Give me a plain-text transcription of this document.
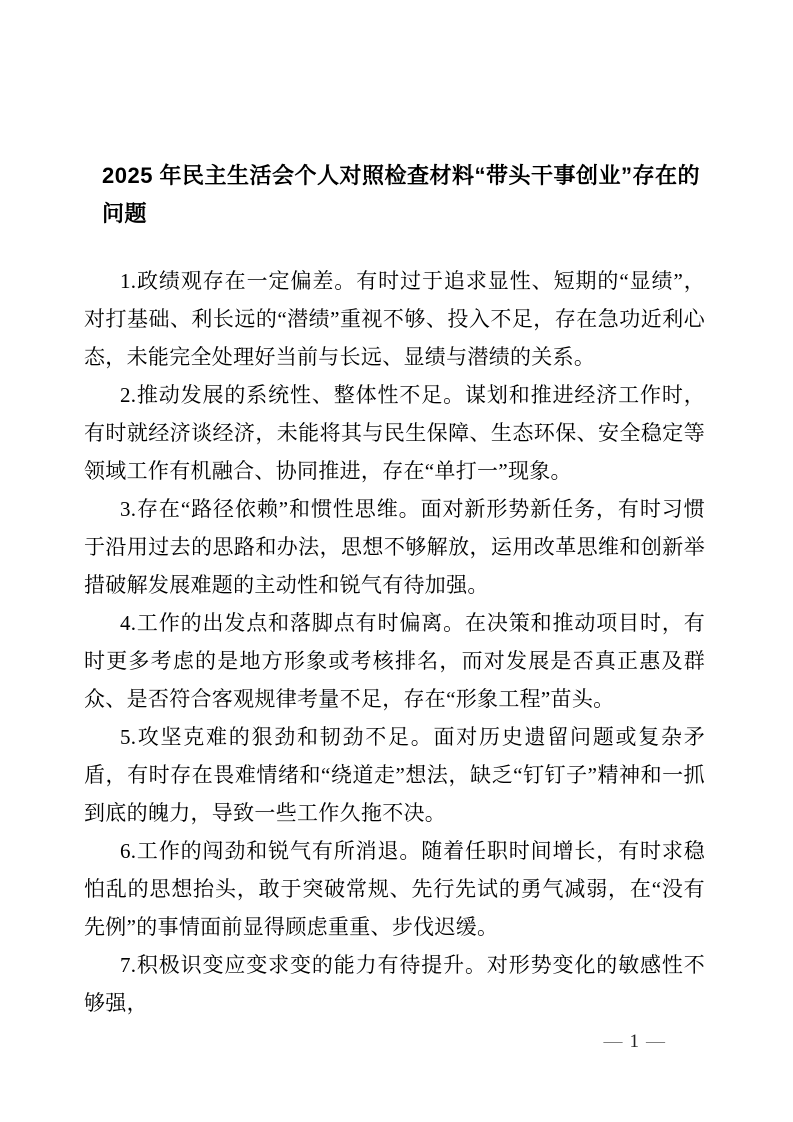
2025 年民主生活会个人对照检查材料“带头干事创业”存在的问题

1.政绩观存在一定偏差。有时过于追求显性、短期的“显绩”，对打基础、利长远的“潜绩”重视不够、投入不足，存在急功近利心态，未能完全处理好当前与长远、显绩与潜绩的关系。

2.推动发展的系统性、整体性不足。谋划和推进经济工作时，有时就经济谈经济，未能将其与民生保障、生态环保、安全稳定等领域工作有机融合、协同推进，存在“单打一”现象。

3.存在“路径依赖”和惯性思维。面对新形势新任务，有时习惯于沿用过去的思路和办法，思想不够解放，运用改革思维和创新举措破解发展难题的主动性和锐气有待加强。

4.工作的出发点和落脚点有时偏离。在决策和推动项目时，有时更多考虑的是地方形象或考核排名，而对发展是否真正惠及群众、是否符合客观规律考量不足，存在“形象工程”苗头。

5.攻坚克难的狠劲和韧劲不足。面对历史遗留问题或复杂矛盾，有时存在畏难情绪和“绕道走”想法，缺乏“钉钉子”精神和一抓到底的魄力，导致一些工作久拖不决。

6.工作的闯劲和锐气有所消退。随着任职时间增长，有时求稳怕乱的思想抬头，敢于突破常规、先行先试的勇气减弱，在“没有先例”的事情面前显得顾虑重重、步伐迟缓。

7.积极识变应变求变的能力有待提升。对形势变化的敏感性不够强，

— 1 —
